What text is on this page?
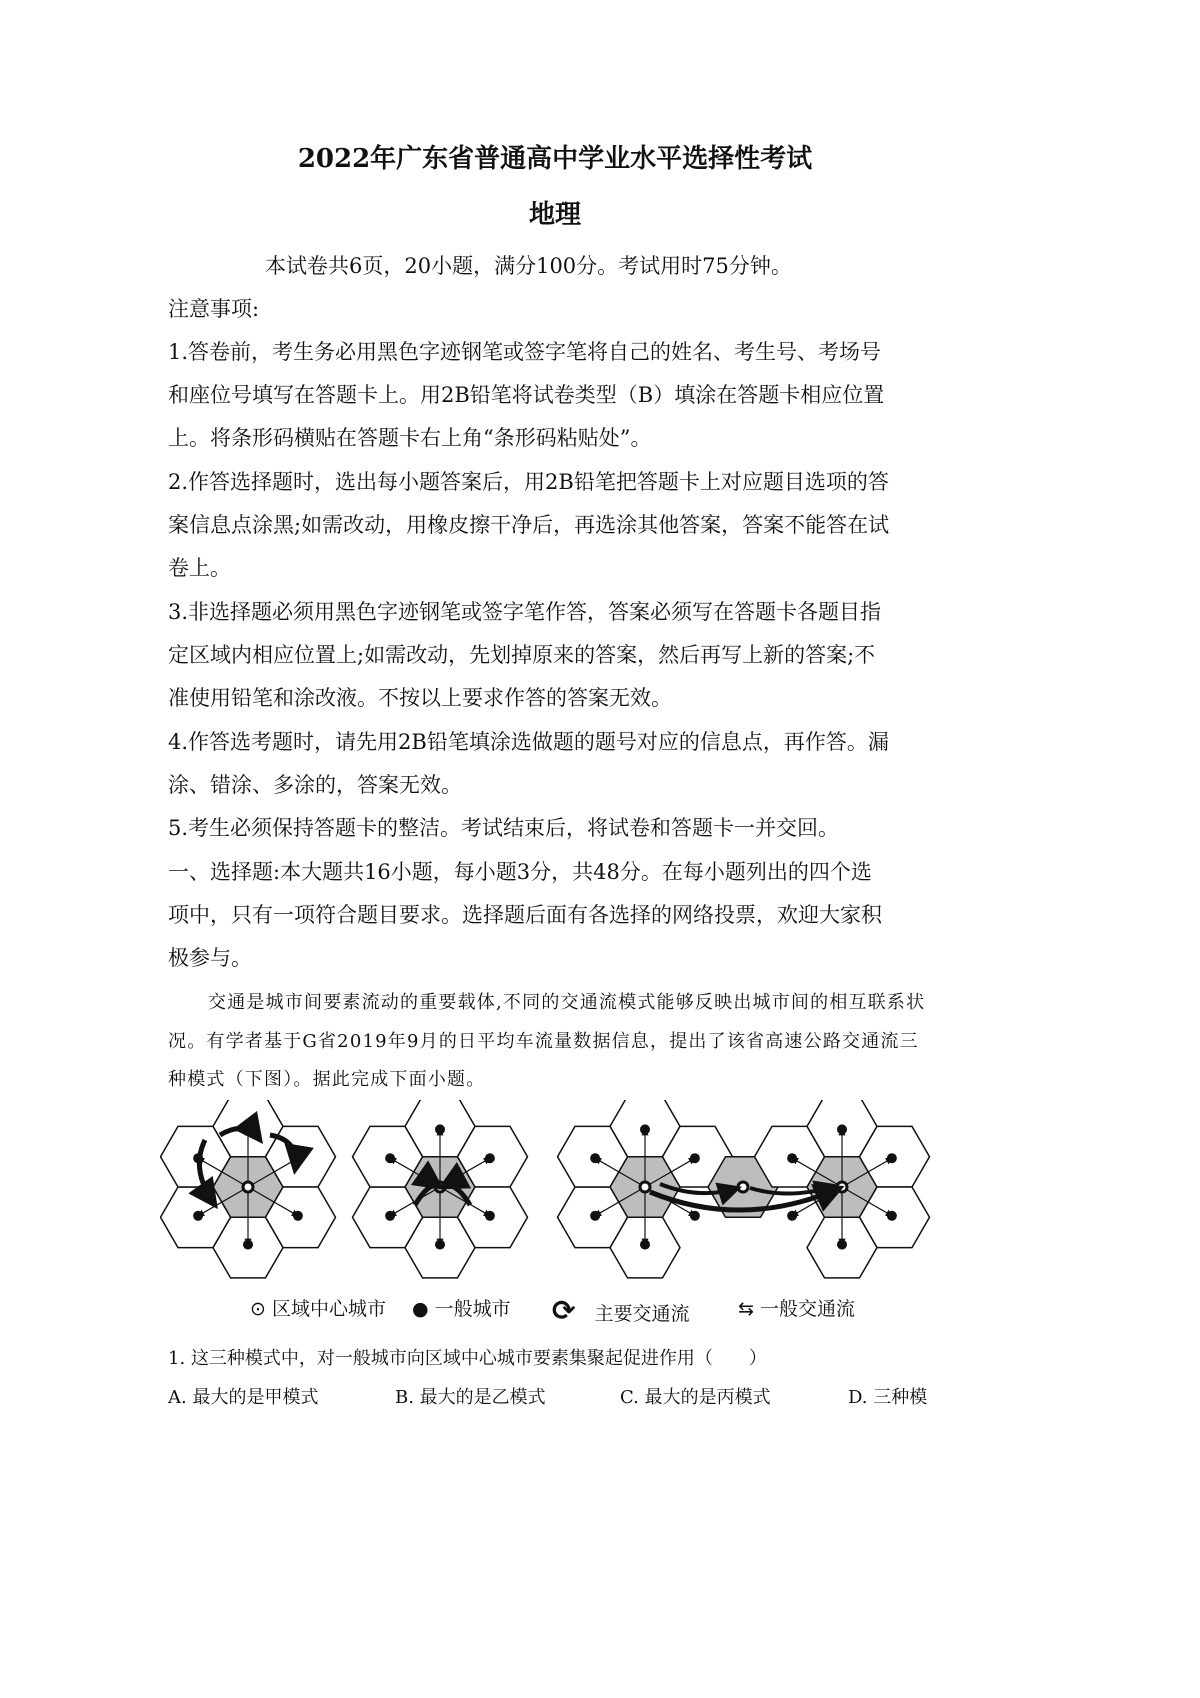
2022年广东省普通高中学业水平选择性考试
地理
本试卷共6页，20小题，满分100分。考试用时75分钟。
注意事项:
1.答卷前，考生务必用黑色字迹钢笔或签字笔将自己的姓名、考生号、考场号
和座位号填写在答题卡上。用2B铅笔将试卷类型（B）填涂在答题卡相应位置
上。将条形码横贴在答题卡右上角“条形码粘贴处”。
2.作答选择题时，选出每小题答案后，用2B铅笔把答题卡上对应题目选项的答
案信息点涂黑;如需改动，用橡皮擦干净后，再选涂其他答案，答案不能答在试
卷上。
3.非选择题必须用黑色字迹钢笔或签字笔作答，答案必须写在答题卡各题目指
定区域内相应位置上;如需改动，先划掉原来的答案，然后再写上新的答案;不
准使用铅笔和涂改液。不按以上要求作答的答案无效。
4.作答选考题时，请先用2B铅笔填涂选做题的题号对应的信息点，再作答。漏
涂、错涂、多涂的，答案无效。
5.考生必须保持答题卡的整洁。考试结束后，将试卷和答题卡一并交回。
一、选择题:本大题共16小题，每小题3分，共48分。在每小题列出的四个选
项中，只有一项符合题目要求。选择题后面有各选择的网络投票，欢迎大家积
极参与。
交通是城市间要素流动的重要载体,不同的交通流模式能够反映出城市间的相互联系状
况。有学者基于G省2019年9月的日平均车流量数据信息，提出了该省高速公路交通流三
种模式（下图）。据此完成下面小题。
⊙ 区域中心城市 ● 一般城市 ⟳　 主要交通流	⇆ 一般交通流
1. 这三种模式中，对一般城市向区域中心城市要素集聚起促进作用（　　）
A. 最大的是甲模式	B. 最大的是乙模式	C. 最大的是丙模式	D. 三种模
